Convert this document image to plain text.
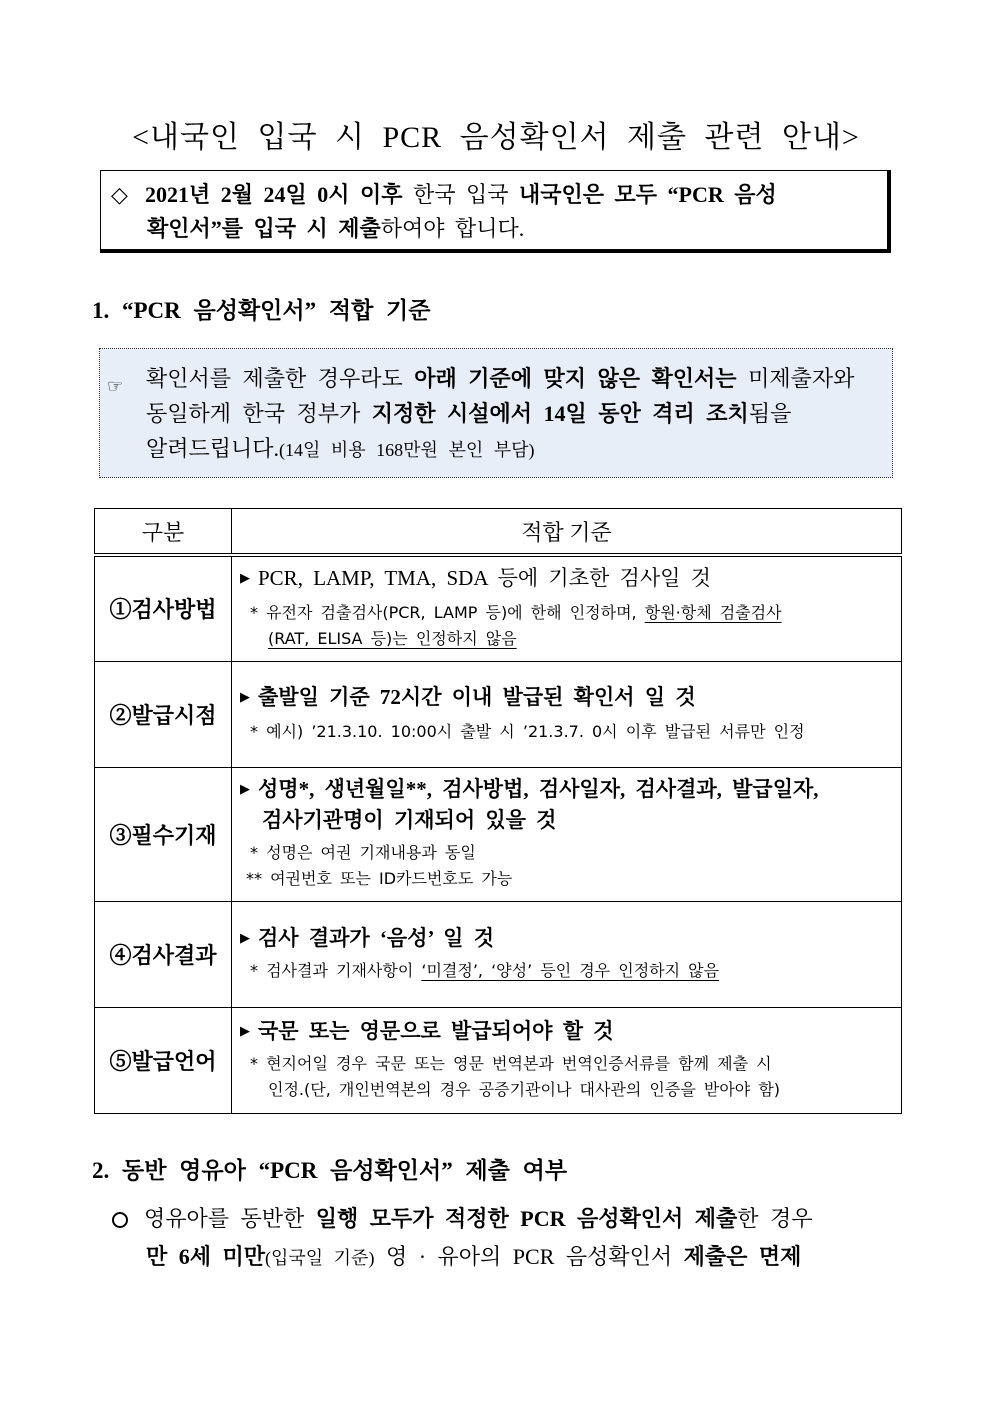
<내국인 입국 시 PCR 음성확인서 제출 관련 안내>
◇ 2021년 2월 24일 0시 이후 한국 입국 내국인은 모두 “PCR 음성
확인서”를 입국 시 제출하여야 합니다.
1. “PCR 음성확인서” 적합 기준
☞ 확인서를 제출한 경우라도 아래 기준에 맞지 않은 확인서는 미제출자와
동일하게 한국 정부가 지정한 시설에서 14일 동안 격리 조치됨을
알려드립니다.(14일 비용 168만원 본인 부담)
구분	적합 기준
①검사방법	▶ PCR, LAMP, TMA, SDA 등에 기초한 검사일 것
* 유전자 검출검사(PCR, LAMP 등)에 한해 인정하며, 항원·항체 검출검사
(RAT, ELISA 등)는 인정하지 않음

②발급시점	▶ 출발일 기준 72시간 이내 발급된 확인서 일 것
* 예시) ’21.3.10. 10:00시 출발 시 ’21.3.7. 0시 이후 발급된 서류만 인정

③필수기재	▶ 성명*, 생년월일**, 검사방법, 검사일자, 검사결과, 발급일자,
검사기관명이 기재되어 있을 것
* 성명은 여권 기재내용과 동일
** 여권번호 또는 ID카드번호도 가능

④검사결과	▶ 검사 결과가 ‘음성’ 일 것
* 검사결과 기재사항이 ‘미결정’, ‘양성’ 등인 경우 인정하지 않음

⑤발급언어	▶ 국문 또는 영문으로 발급되어야 할 것
* 현지어일 경우 국문 또는 영문 번역본과 번역인증서류를 함께 제출 시
인정.(단, 개인번역본의 경우 공증기관이나 대사관의 인증을 받아야 함)
2. 동반 영유아 “PCR 음성확인서” 제출 여부
영유아를 동반한 일행 모두가 적정한 PCR 음성확인서 제출한 경우
만 6세 미만(입국일 기준) 영 · 유아의 PCR 음성확인서 제출은 면제
